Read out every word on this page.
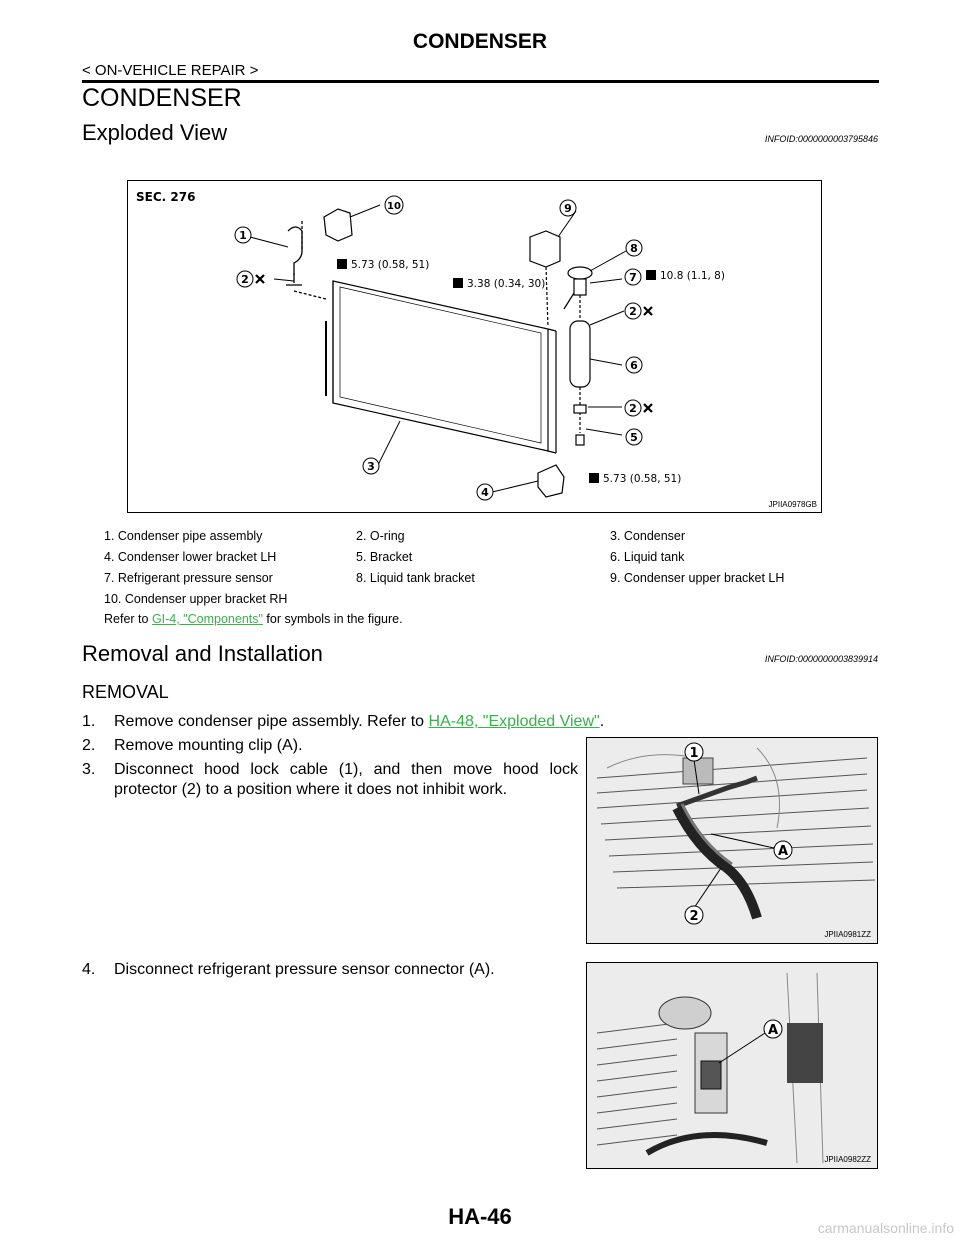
CONDENSER
< ON-VEHICLE REPAIR >
CONDENSER
Exploded View	INFOID:0000000003795846
SEC. 276
5.73 (0.58, 51)
3.38 (0.34, 30)
10.8 (1.1, 8)
5.73 (0.58, 51)
1
2
10	9
8
7
2
6
2
5
3
4
JPIIA0978GB
1. Condenser pipe assembly	2. O-ring	3. Condenser
4. Condenser lower bracket LH	5. Bracket	6. Liquid tank
7. Refrigerant pressure sensor	8. Liquid tank bracket	9. Condenser upper bracket LH
10. Condenser upper bracket RH
Refer to GI-4, "Components" for symbols in the figure.
Removal and Installation	INFOID:0000000003839914
REMOVAL
1. Remove condenser pipe assembly. Refer to HA-48, "Exploded View".
2. Remove mounting clip (A).
3. Disconnect hood lock cable (1), and then move hood lock protector (2) to a position where it does not inhibit work.
4. Disconnect refrigerant pressure sensor connector (A).
1
A
2
JPIIA0981ZZ
A
JPIIA0982ZZ
HA-46	carmanualsonline.info
